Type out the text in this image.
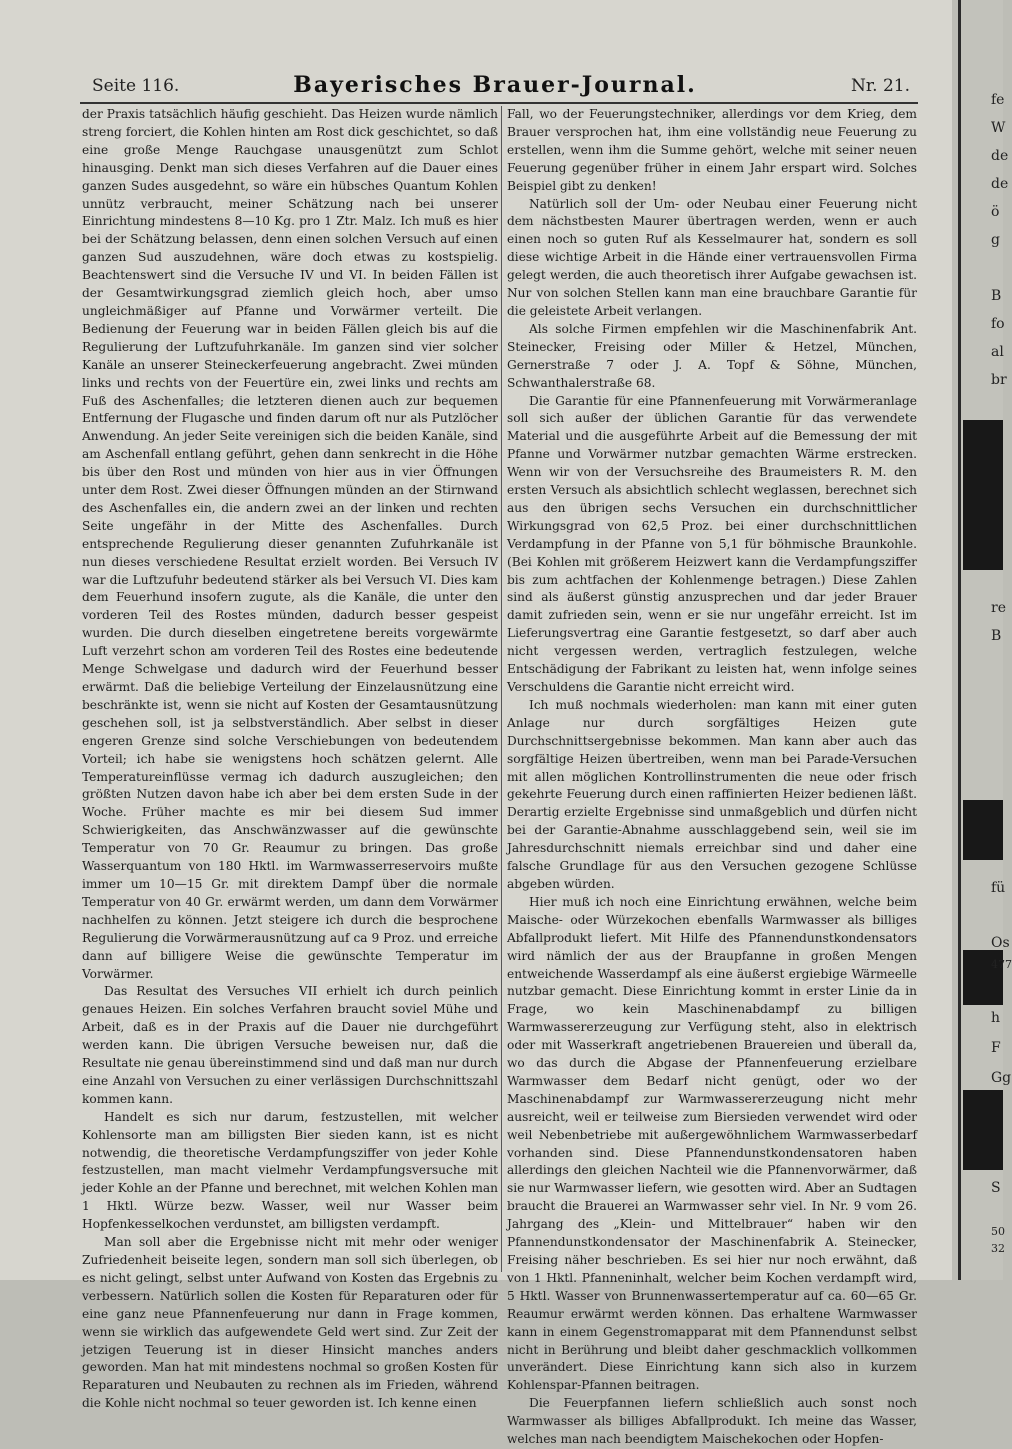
Seite 116.	Bayerisches Brauer-Journal.	Nr. 21.

der Praxis tatsächlich häufig geschieht. Das Heizen wurde nämlich streng forciert, die Kohlen hinten am Rost dick geschichtet, so daß eine große Menge Rauchgase unausgenützt zum Schlot hinausging. Denkt man sich dieses Verfahren auf die Dauer eines ganzen Sudes ausgedehnt, so wäre ein hübsches Quantum Kohlen unnütz verbraucht, meiner Schätzung nach bei unserer Einrichtung mindestens 8—10 Kg. pro 1 Ztr. Malz. Ich muß es hier bei der Schätzung belassen, denn einen solchen Versuch auf einen ganzen Sud auszudehnen, wäre doch etwas zu kostspielig. Beachtenswert sind die Versuche IV und VI. In beiden Fällen ist der Gesamtwirkungsgrad ziemlich gleich hoch, aber umso ungleichmäßiger auf Pfanne und Vorwärmer verteilt. Die Bedienung der Feuerung war in beiden Fällen gleich bis auf die Regulierung der Luftzufuhrkanäle. Im ganzen sind vier solcher Kanäle an unserer Steineckerfeuerung angebracht. Zwei münden links und rechts von der Feuertüre ein, zwei links und rechts am Fuß des Aschenfalles; die letzteren dienen auch zur bequemen Entfernung der Flugasche und finden darum oft nur als Putzlöcher Anwendung. An jeder Seite vereinigen sich die beiden Kanäle, sind am Aschenfall entlang geführt, gehen dann senkrecht in die Höhe bis über den Rost und münden von hier aus in vier Öffnungen unter dem Rost. Zwei dieser Öffnungen münden an der Stirnwand des Aschenfalles ein, die andern zwei an der linken und rechten Seite ungefähr in der Mitte des Aschenfalles. Durch entsprechende Regulierung dieser genannten Zufuhrkanäle ist nun dieses verschiedene Resultat erzielt worden. Bei Versuch IV war die Luftzufuhr bedeutend stärker als bei Versuch VI. Dies kam dem Feuerhund insofern zugute, als die Kanäle, die unter den vorderen Teil des Rostes münden, dadurch besser gespeist wurden. Die durch dieselben eingetretene bereits vorgewärmte Luft verzehrt schon am vorderen Teil des Rostes eine bedeutende Menge Schwelgase und dadurch wird der Feuerhund besser erwärmt. Daß die beliebige Verteilung der Einzelausnützung eine beschränkte ist, wenn sie nicht auf Kosten der Gesamtausnützung geschehen soll, ist ja selbstverständlich. Aber selbst in dieser engeren Grenze sind solche Verschiebungen von bedeutendem Vorteil; ich habe sie wenigstens hoch schätzen gelernt. Alle Temperatureinflüsse vermag ich dadurch auszugleichen; den größten Nutzen davon habe ich aber bei dem ersten Sude in der Woche. Früher machte es mir bei diesem Sud immer Schwierigkeiten, das Anschwänzwasser auf die gewünschte Temperatur von 70 Gr. Reaumur zu bringen. Das große Wasserquantum von 180 Hktl. im Warmwasserreservoirs mußte immer um 10—15 Gr. mit direktem Dampf über die normale Temperatur von 40 Gr. erwärmt werden, um dann dem Vorwärmer nachhelfen zu können. Jetzt steigere ich durch die besprochene Regulierung die Vorwärmerausnützung auf ca 9 Proz. und erreiche dann auf billigere Weise die gewünschte Temperatur im Vorwärmer.

Das Resultat des Versuches VII erhielt ich durch peinlich genaues Heizen. Ein solches Verfahren braucht soviel Mühe und Arbeit, daß es in der Praxis auf die Dauer nie durchgeführt werden kann. Die übrigen Versuche beweisen nur, daß die Resultate nie genau übereinstimmend sind und daß man nur durch eine Anzahl von Versuchen zu einer verlässigen Durchschnittszahl kommen kann.

Handelt es sich nur darum, festzustellen, mit welcher Kohlensorte man am billigsten Bier sieden kann, ist es nicht notwendig, die theoretische Verdampfungsziffer von jeder Kohle festzustellen, man macht vielmehr Verdampfungsversuche mit jeder Kohle an der Pfanne und berechnet, mit welchen Kohlen man 1 Hktl. Würze bezw. Wasser, weil nur Wasser beim Hopfenkesselkochen verdunstet, am billigsten verdampft.

Man soll aber die Ergebnisse nicht mit mehr oder weniger Zufriedenheit beiseite legen, sondern man soll sich überlegen, ob es nicht gelingt, selbst unter Aufwand von Kosten das Ergebnis zu verbessern. Natürlich sollen die Kosten für Reparaturen oder für eine ganz neue Pfannenfeuerung nur dann in Frage kommen, wenn sie wirklich das aufgewendete Geld wert sind. Zur Zeit der jetzigen Teuerung ist in dieser Hinsicht manches anders geworden. Man hat mit mindestens nochmal so großen Kosten für Reparaturen und Neubauten zu rechnen als im Frieden, während die Kohle nicht nochmal so teuer geworden ist. Ich kenne einen

Fall, wo der Feuerungstechniker, allerdings vor dem Krieg, dem Brauer versprochen hat, ihm eine vollständig neue Feuerung zu erstellen, wenn ihm die Summe gehört, welche mit seiner neuen Feuerung gegenüber früher in einem Jahr erspart wird. Solches Beispiel gibt zu denken!

Natürlich soll der Um- oder Neubau einer Feuerung nicht dem nächstbesten Maurer übertragen werden, wenn er auch einen noch so guten Ruf als Kesselmaurer hat, sondern es soll diese wichtige Arbeit in die Hände einer vertrauensvollen Firma gelegt werden, die auch theoretisch ihrer Aufgabe gewachsen ist. Nur von solchen Stellen kann man eine brauchbare Garantie für die geleistete Arbeit verlangen.

Als solche Firmen empfehlen wir die Maschinenfabrik Ant. Steinecker, Freising oder Miller & Hetzel, München, Gernerstraße 7 oder J. A. Topf & Söhne, München, Schwanthalerstraße 68.

Die Garantie für eine Pfannenfeuerung mit Vorwärmeranlage soll sich außer der üblichen Garantie für das verwendete Material und die ausgeführte Arbeit auf die Bemessung der mit Pfanne und Vorwärmer nutzbar gemachten Wärme erstrecken. Wenn wir von der Versuchsreihe des Braumeisters R. M. den ersten Versuch als absichtlich schlecht weglassen, berechnet sich aus den übrigen sechs Versuchen ein durchschnittlicher Wirkungsgrad von 62,5 Proz. bei einer durchschnittlichen Verdampfung in der Pfanne von 5,1 für böhmische Braunkohle. (Bei Kohlen mit größerem Heizwert kann die Verdampfungsziffer bis zum achtfachen der Kohlenmenge betragen.) Diese Zahlen sind als äußerst günstig anzusprechen und dar jeder Brauer damit zufrieden sein, wenn er sie nur ungefähr erreicht. Ist im Lieferungsvertrag eine Garantie festgesetzt, so darf aber auch nicht vergessen werden, vertraglich festzulegen, welche Entschädigung der Fabrikant zu leisten hat, wenn infolge seines Verschuldens die Garantie nicht erreicht wird.

Ich muß nochmals wiederholen: man kann mit einer guten Anlage nur durch sorgfältiges Heizen gute Durchschnittsergebnisse bekommen. Man kann aber auch das sorgfältige Heizen übertreiben, wenn man bei Parade-Versuchen mit allen möglichen Kontrollinstrumenten die neue oder frisch gekehrte Feuerung durch einen raffinierten Heizer bedienen läßt. Derartig erzielte Ergebnisse sind unmaßgeblich und dürfen nicht bei der Garantie-Abnahme ausschlaggebend sein, weil sie im Jahresdurchschnitt niemals erreichbar sind und daher eine falsche Grundlage für aus den Versuchen gezogene Schlüsse abgeben würden.

Hier muß ich noch eine Einrichtung erwähnen, welche beim Maische- oder Würzekochen ebenfalls Warmwasser als billiges Abfallprodukt liefert. Mit Hilfe des Pfannendunstkondensators wird nämlich der aus der Braupfanne in großen Mengen entweichende Wasserdampf als eine äußerst ergiebige Wärmeelle nutzbar gemacht. Diese Einrichtung kommt in erster Linie da in Frage, wo kein Maschinenabdampf zu billigen Warmwassererzeugung zur Verfügung steht, also in elektrisch oder mit Wasserkraft angetriebenen Brauereien und überall da, wo das durch die Abgase der Pfannenfeuerung erzielbare Warmwasser dem Bedarf nicht genügt, oder wo der Maschinenabdampf zur Warmwassererzeugung nicht mehr ausreicht, weil er teilweise zum Biersieden verwendet wird oder weil Nebenbetriebe mit außergewöhnlichem Warmwasserbedarf vorhanden sind. Diese Pfannendunstkondensatoren haben allerdings den gleichen Nachteil wie die Pfannenvorwärmer, daß sie nur Warmwasser liefern, wie gesotten wird. Aber an Sudtagen braucht die Brauerei an Warmwasser sehr viel. In Nr. 9 vom 26. Jahrgang des „Klein- und Mittelbrauer“ haben wir den Pfannendunstkondensator der Maschinenfabrik A. Steinecker, Freising näher beschrieben. Es sei hier nur noch erwähnt, daß von 1 Hktl. Pfanneninhalt, welcher beim Kochen verdampft wird, 5 Hktl. Wasser von Brunnenwassertemperatur auf ca. 60—65 Gr. Reaumur erwärmt werden können. Das erhaltene Warmwasser kann in einem Gegenstromapparat mit dem Pfannendunst selbst nicht in Berührung und bleibt daher geschmacklich vollkommen unverändert. Diese Einrichtung kann sich also in kurzem Kohlenspar-Pfannen beitragen.

Die Feuerpfannen liefern schließlich auch sonst noch Warmwasser als billiges Abfallprodukt. Ich meine das Wasser, welches man nach beendigtem Maischekochen oder Hopfen-

fe
W
de
de
ö
g
B
fo
al
br
re
B
fü
Os
477
h
F
Gg
S
50
32
